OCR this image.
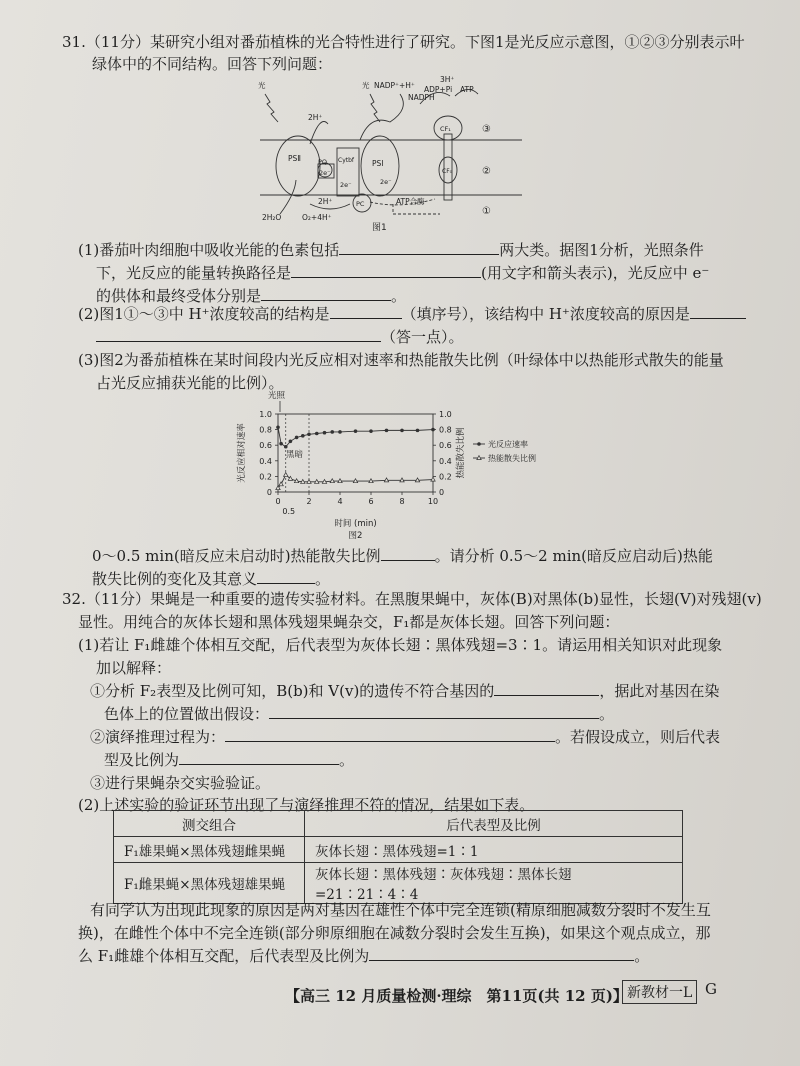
31.（11分）某研究小组对番茄植株的光合特性进行了研究。下图1是光反应示意图，①②③分别表示叶
绿体中的不同结构。回答下列问题：
光	光 NADP⁺+H⁺
NADPH
3H⁺
ADP+Pi ATP
2H⁺
PSⅡ	PQ
2e⁻
Cytbf
2e⁻
PSⅠ
2e⁻
2H⁺	PC	ATP合酶
2H₂O	O₂+4H⁺
CF₁
CF₀
③
②
①
图1
(1)番茄叶肉细胞中吸收光能的色素包括	两大类。据图1分析，光照条件
下，光反应的能量转换路径是	(用文字和箭头表示)，光反应中 e⁻
的供体和最终受体分别是	。
(2)图1①～③中 H⁺浓度较高的结构是	（填序号），该结构中 H⁺浓度较高的原因是
（答一点）。
(3)图2为番茄植株在某时间段内光反应相对速率和热能散失比例（叶绿体中以热能形式散失的能量
占光反应捕获光能的比例）。
0	0
0.2	0.2
0.4	0.4
0.6	0.6
0.8	0.8
1.0	1.0
0	2	4	6	8	10
0.5
时间 (min)
光反应相对速率	热能散失比例
光照
黑暗
图2
光反应速率
热能散失比例
0～0.5 min(暗反应未启动时)热能散失比例	。请分析 0.5～2 min(暗反应启动后)热能
散失比例的变化及其意义	。
32.（11分）果蝇是一种重要的遗传实验材料。在黑腹果蝇中，灰体(B)对黑体(b)显性，长翅(V)对残翅(v)
显性。用纯合的灰体长翅和黑体残翅果蝇杂交，F₁都是灰体长翅。回答下列问题：
(1)若让 F₁雌雄个体相互交配，后代表型为灰体长翅∶黑体残翅=3∶1。请运用相关知识对此现象
加以解释：
①分析 F₂表型及比例可知，B(b)和 V(v)的遗传不符合基因的	，据此对基因在染
色体上的位置做出假设：	。
②演绎推理过程为：	。若假设成立，则后代表
型及比例为	。
③进行果蝇杂交实验验证。
(2)上述实验的验证环节出现了与演绎推理不符的情况，结果如下表。
测交组合	后代表型及比例
F₁雄果蝇×黑体残翅雌果蝇	灰体长翅∶黑体残翅=1∶1
F₁雌果蝇×黑体残翅雄果蝇	灰体长翅∶黑体残翅∶灰体残翅∶黑体长翅=21∶21∶4∶4
有同学认为出现此现象的原因是两对基因在雄性个体中完全连锁(精原细胞减数分裂时不发生互
换)，在雌性个体中不完全连锁(部分卵原细胞在减数分裂时会发生互换)，如果这个观点成立，那
么 F₁雌雄个体相互交配，后代表型及比例为	。
【高三 12 月质量检测·理综　第11页(共 12 页)】 新教材一L G
